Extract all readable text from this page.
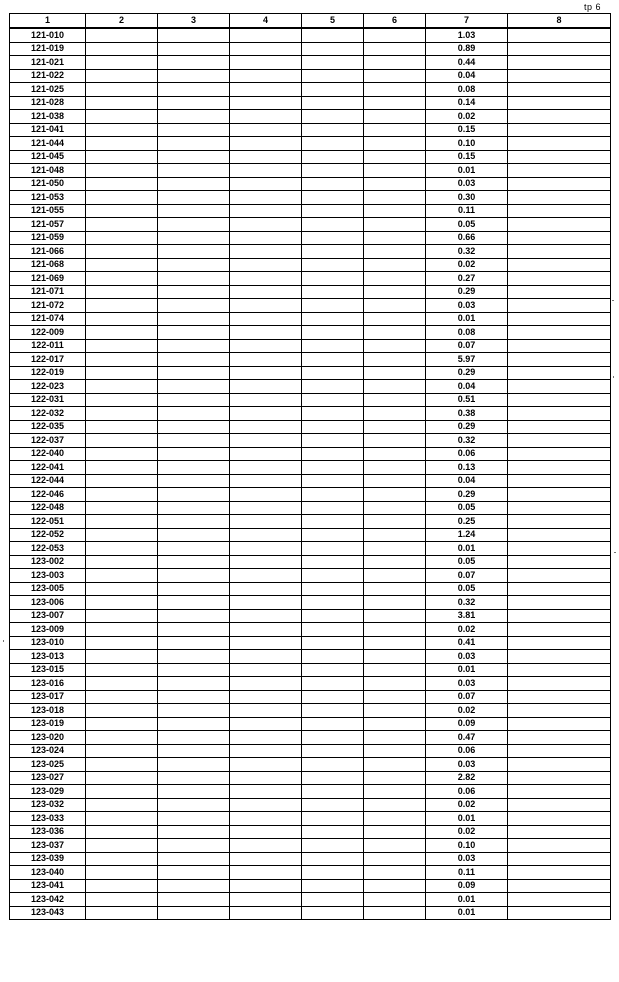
tp 6
1	2	3	4	5	6	7	8
121-010						1.03	
121-019						0.89	
121-021						0.44	
121-022						0.04	
121-025						0.08	
121-028						0.14	
121-038						0.02	
121-041						0.15	
121-044						0.10	
121-045						0.15	
121-048						0.01	
121-050						0.03	
121-053						0.30	
121-055						0.11	
121-057						0.05	
121-059						0.66	
121-066						0.32	
121-068						0.02	
121-069						0.27	
121-071						0.29	
121-072						0.03	
121-074						0.01	
122-009						0.08	
122-011						0.07	
122-017						5.97	
122-019						0.29	
122-023						0.04	
122-031						0.51	
122-032						0.38	
122-035						0.29	
122-037						0.32	
122-040						0.06	
122-041						0.13	
122-044						0.04	
122-046						0.29	
122-048						0.05	
122-051						0.25	
122-052						1.24	
122-053						0.01	
123-002						0.05	
123-003						0.07	
123-005						0.05	
123-006						0.32	
123-007						3.81	
123-009						0.02	
123-010						0.41	
123-013						0.03	
123-015						0.01	
123-016						0.03	
123-017						0.07	
123-018						0.02	
123-019						0.09	
123-020						0.47	
123-024						0.06	
123-025						0.03	
123-027						2.82	
123-029						0.06	
123-032						0.02	
123-033						0.01	
123-036						0.02	
123-037						0.10	
123-039						0.03	
123-040						0.11	
123-041						0.09	
123-042						0.01	
123-043						0.01	
